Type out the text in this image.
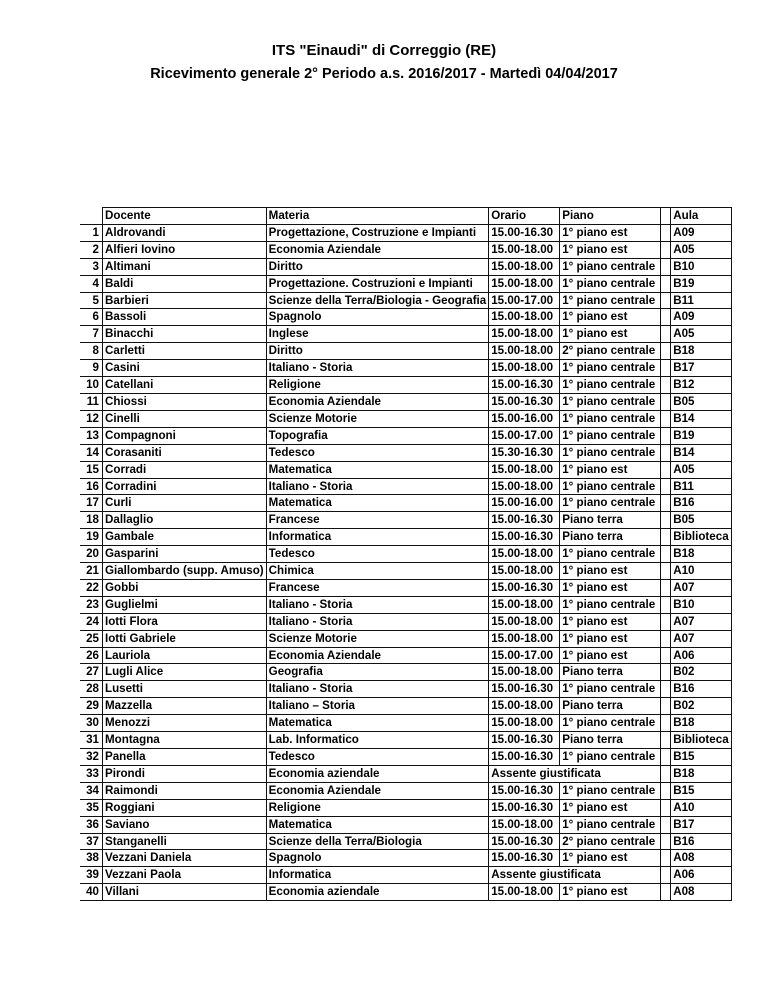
ITS "Einaudi" di Correggio (RE)
Ricevimento generale 2° Periodo a.s. 2016/2017 - Martedì 04/04/2017
	Docente	Materia	Orario	Piano		Aula
1	Aldrovandi	Progettazione, Costruzione e Impianti	15.00-16.30	1° piano est		A09
2	Alfieri Iovino	Economia Aziendale	15.00-18.00	1° piano est		A05
3	Altimani	Diritto	15.00-18.00	1° piano centrale		B10
4	Baldi	Progettazione. Costruzioni e Impianti	15.00-18.00	1° piano centrale		B19
5	Barbieri	Scienze della Terra/Biologia - Geografia	15.00-17.00	1° piano centrale		B11
6	Bassoli	Spagnolo	15.00-18.00	1° piano est		A09
7	Binacchi	Inglese	15.00-18.00	1° piano est		A05
8	Carletti	Diritto	15.00-18.00	2° piano centrale		B18
9	Casini	Italiano - Storia	15.00-18.00	1° piano centrale		B17
10	Catellani	Religione	15.00-16.30	1° piano centrale		B12
11	Chiossi	Economia Aziendale	15.00-16.30	1° piano centrale		B05
12	Cinelli	Scienze Motorie	15.00-16.00	1° piano centrale		B14
13	Compagnoni	Topografia	15.00-17.00	1° piano centrale		B19
14	Corasaniti	Tedesco	15.30-16.30	1° piano centrale		B14
15	Corradi	Matematica	15.00-18.00	1° piano est		A05
16	Corradini	Italiano - Storia	15.00-18.00	1° piano centrale		B11
17	Curli	Matematica	15.00-16.00	1° piano centrale		B16
18	Dallaglio	Francese	15.00-16.30	Piano terra		B05
19	Gambale	Informatica	15.00-16.30	Piano terra		Biblioteca
20	Gasparini	Tedesco	15.00-18.00	1° piano centrale		B18
21	Giallombardo (supp. Amuso)	Chimica	15.00-18.00	1° piano est		A10
22	Gobbi	Francese	15.00-16.30	1° piano est		A07
23	Guglielmi	Italiano - Storia	15.00-18.00	1° piano centrale		B10
24	Iotti Flora	Italiano - Storia	15.00-18.00	1° piano est		A07
25	Iotti Gabriele	Scienze Motorie	15.00-18.00	1° piano est		A07
26	Lauriola	Economia Aziendale	15.00-17.00	1° piano est		A06
27	Lugli Alice	Geografia	15.00-18.00	Piano terra		B02
28	Lusetti	Italiano - Storia	15.00-16.30	1° piano centrale		B16
29	Mazzella	Italiano – Storia	15.00-18.00	Piano terra		B02
30	Menozzi	Matematica	15.00-18.00	1° piano centrale		B18
31	Montagna	Lab. Informatico	15.00-16.30	Piano terra		Biblioteca
32	Panella	Tedesco	15.00-16.30	1° piano centrale		B15
33	Pirondi	Economia aziendale	Assente giustificata			B18
34	Raimondi	Economia Aziendale	15.00-16.30	1° piano centrale		B15
35	Roggiani	Religione	15.00-16.30	1° piano est		A10
36	Saviano	Matematica	15.00-18.00	1° piano centrale		B17
37	Stanganelli	Scienze della Terra/Biologia	15.00-16.30	2° piano centrale		B16
38	Vezzani Daniela	Spagnolo	15.00-16.30	1° piano est		A08
39	Vezzani Paola	Informatica	Assente giustificata			A06
40	Villani	Economia aziendale	15.00-18.00	1° piano est		A08
